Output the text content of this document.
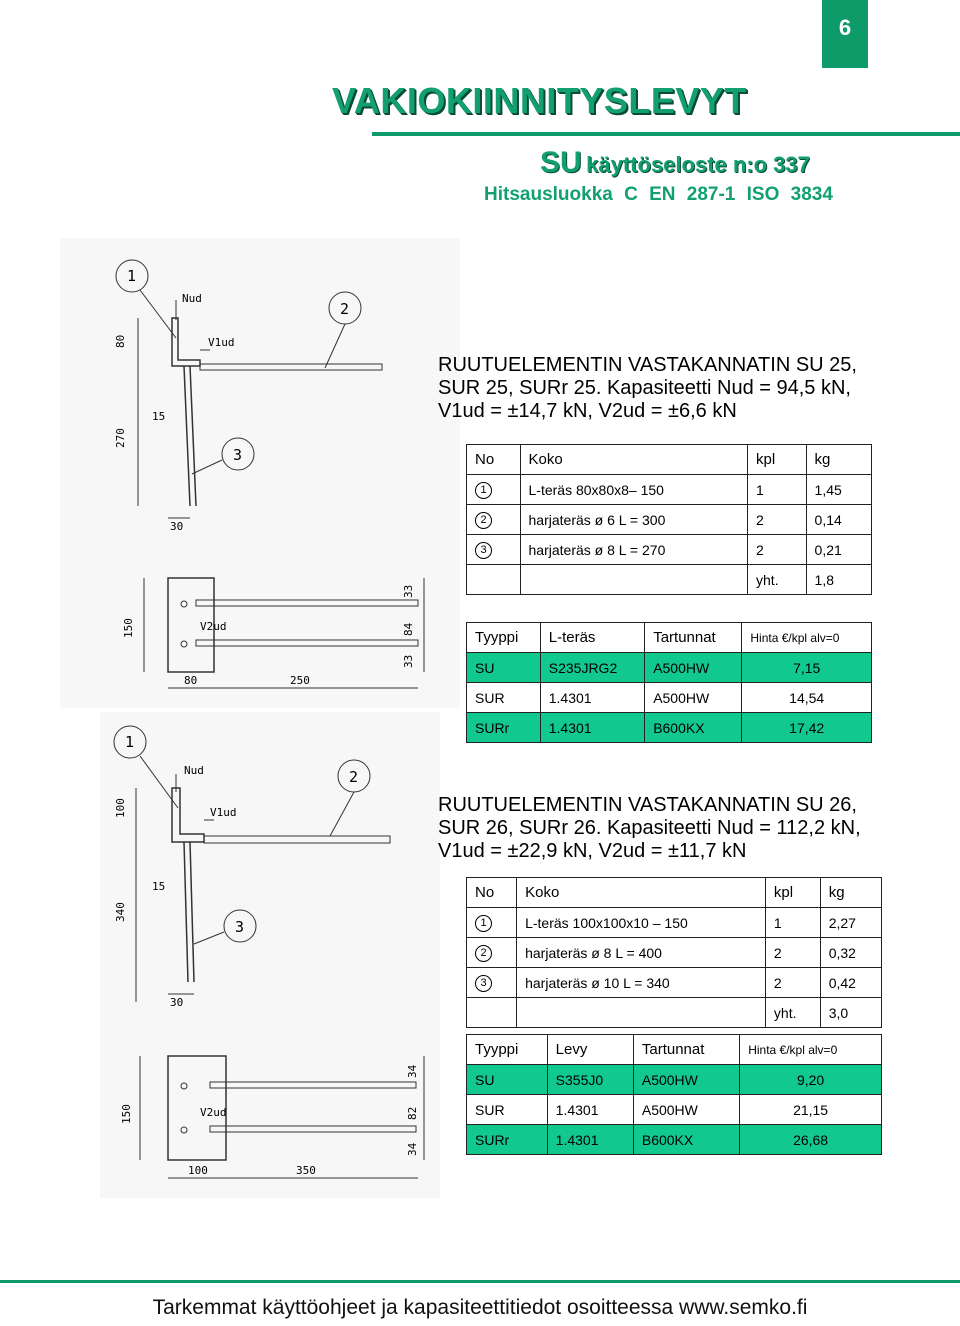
6
VAKIOKIINNITYSLEVYT
SU käyttöseloste n:o 337
Hitsausluokka C EN 287-1 ISO 3834
1
2
3
Nud
V1ud
80
270
15
30
V2ud
150
33
84
33
80	250
RUUTUELEMENTIN VASTAKANNATIN SU 25,
SUR 25, SURr 25. Kapasiteetti Nud = 94,5 kN,
V1ud = ±14,7 kN, V2ud = ±6,6 kN
No	Koko	kpl	kg
1	L-teräs 80x80x8– 150	1	1,45
2	harjateräs ø 6 L = 300	2	0,14
3	harjateräs ø 8 L = 270	2	0,21
		yht.	1,8
Tyyppi	L-teräs	Tartunnat	Hinta €/kpl alv=0
SU	S235JRG2	A500HW	7,15
SUR	1.4301	A500HW	14,54
SURr	1.4301	B600KX	17,42
1
2
3
Nud
V1ud
100
340
15
30
V2ud
150
34
82
34
100	350
RUUTUELEMENTIN VASTAKANNATIN SU 26,
SUR 26, SURr 26. Kapasiteetti Nud = 112,2 kN,
V1ud = ±22,9 kN, V2ud = ±11,7 kN
No	Koko	kpl	kg
1	L-teräs 100x100x10 – 150	1	2,27
2	harjateräs ø 8 L = 400	2	0,32
3	harjateräs ø 10 L = 340	2	0,42
		yht.	3,0
Tyyppi	Levy	Tartunnat	Hinta €/kpl alv=0
SU	S355J0	A500HW	9,20
SUR	1.4301	A500HW	21,15
SURr	1.4301	B600KX	26,68
Tarkemmat käyttöohjeet ja kapasiteettitiedot osoitteessa www.semko.fi
